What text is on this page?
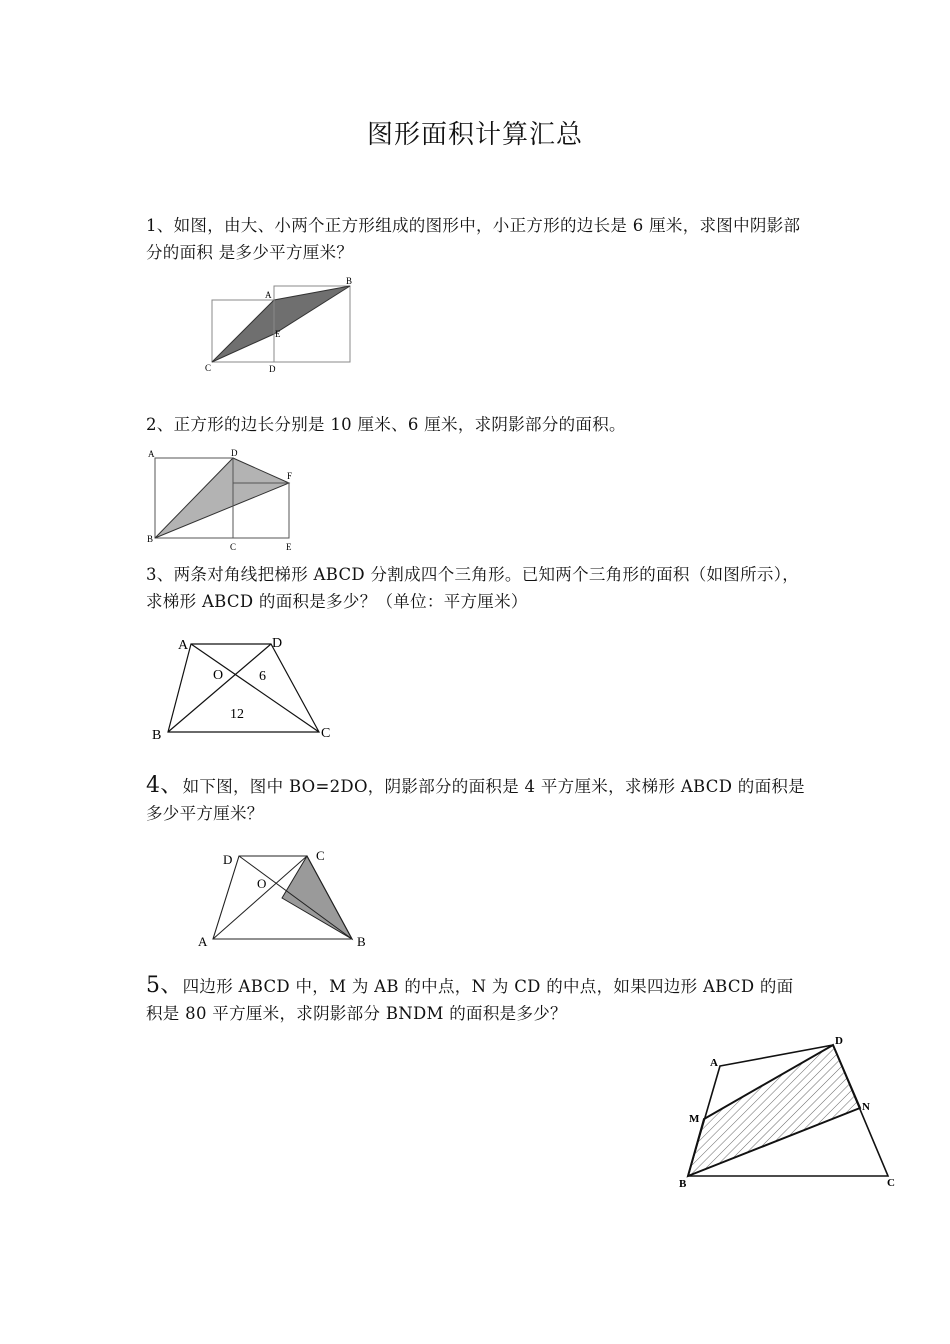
图形面积计算汇总
1、如图，由大、小两个正方形组成的图形中，小正方形的边长是 6 厘米，求图中阴影部分的面积 是多少平方厘米？
A
B
C	D
E
2、正方形的边长分别是 10 厘米、6 厘米，求阴影部分的面积。
A	D
F
B
C	E
3、两条对角线把梯形 ABCD 分割成四个三角形。已知两个三角形的面积（如图所示），求梯形 ABCD 的面积是多少？（单位：平方厘米）
A	D
B	C
O	6
12
4、如下图，图中 BO=2DO，阴影部分的面积是 4 平方厘米，求梯形 ABCD 的面积是多少平方厘米？
D	C
O
A	B
5、四边形 ABCD 中，M 为 AB 的中点，N 为 CD 的中点，如果四边形 ABCD 的面积是 80 平方厘米，求阴影部分 BNDM 的面积是多少？
A
D
M
N
B	C
